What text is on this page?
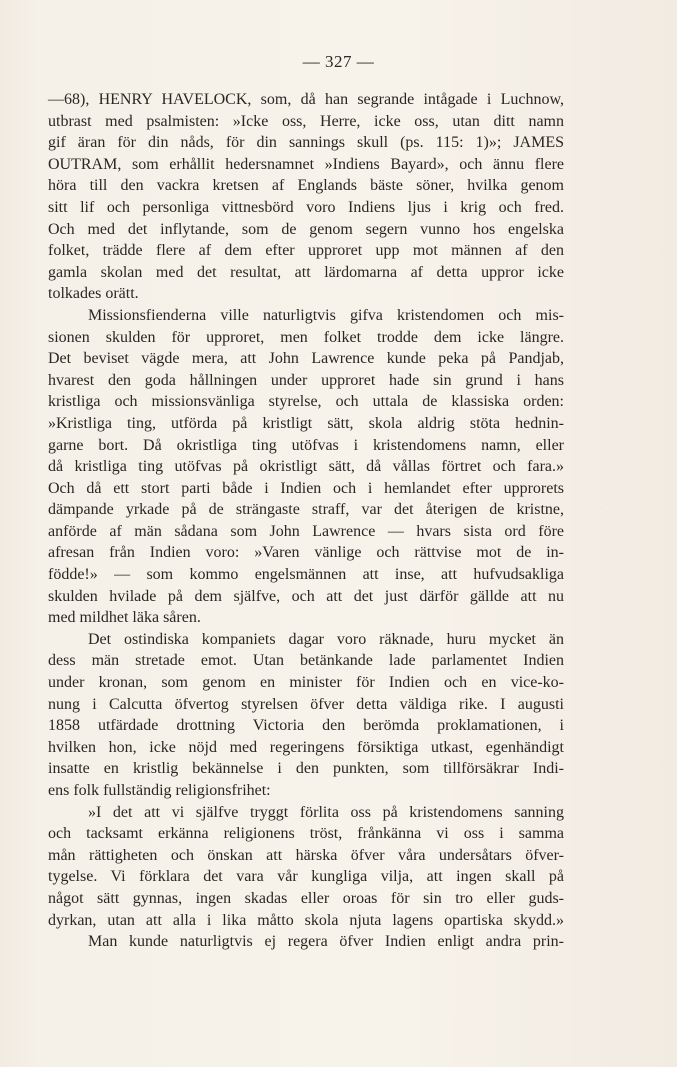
— 327 —
—68), HENRY HAVELOCK, som, då han segrande intågade i Luchnow,
utbrast med psalmisten: »Icke oss, Herre, icke oss, utan ditt namn
gif äran för din nåds, för din sannings skull (ps. 115: 1)»; JAMES
OUTRAM, som erhållit hedersnamnet »Indiens Bayard», och ännu flere
höra till den vackra kretsen af Englands bäste söner, hvilka genom
sitt lif och personliga vittnesbörd voro Indiens ljus i krig och fred.
Och med det inflytande, som de genom segern vunno hos engelska
folket, trädde flere af dem efter upproret upp mot männen af den
gamla skolan med det resultat, att lärdomarna af detta uppror icke
tolkades orätt.
Missionsfienderna ville naturligtvis gifva kristendomen och mis-
sionen skulden för upproret, men folket trodde dem icke längre.
Det beviset vägde mera, att John Lawrence kunde peka på Pandjab,
hvarest den goda hållningen under upproret hade sin grund i hans
kristliga och missionsvänliga styrelse, och uttala de klassiska orden:
»Kristliga ting, utförda på kristligt sätt, skola aldrig stöta hednin-
garne bort. Då okristliga ting utöfvas i kristendomens namn, eller
då kristliga ting utöfvas på okristligt sätt, då vållas förtret och fara.»
Och då ett stort parti både i Indien och i hemlandet efter upprorets
dämpande yrkade på de strängaste straff, var det återigen de kristne,
anförde af män sådana som John Lawrence — hvars sista ord före
afresan från Indien voro: »Varen vänlige och rättvise mot de in-
födde!» — som kommo engelsmännen att inse, att hufvudsakliga
skulden hvilade på dem själfve, och att det just därför gällde att nu
med mildhet läka såren.
Det ostindiska kompaniets dagar voro räknade, huru mycket än
dess män stretade emot. Utan betänkande lade parlamentet Indien
under kronan, som genom en minister för Indien och en vice-ko-
nung i Calcutta öfvertog styrelsen öfver detta väldiga rike. I augusti
1858 utfärdade drottning Victoria den berömda proklamationen, i
hvilken hon, icke nöjd med regeringens försiktiga utkast, egenhändigt
insatte en kristlig bekännelse i den punkten, som tillförsäkrar Indi-
ens folk fullständig religionsfrihet:
»I det att vi själfve tryggt förlita oss på kristendomens sanning
och tacksamt erkänna religionens tröst, frånkänna vi oss i samma
mån rättigheten och önskan att härska öfver våra undersåtars öfver-
tygelse. Vi förklara det vara vår kungliga vilja, att ingen skall på
något sätt gynnas, ingen skadas eller oroas för sin tro eller guds-
dyrkan, utan att alla i lika måtto skola njuta lagens opartiska skydd.»
Man kunde naturligtvis ej regera öfver Indien enligt andra prin-
